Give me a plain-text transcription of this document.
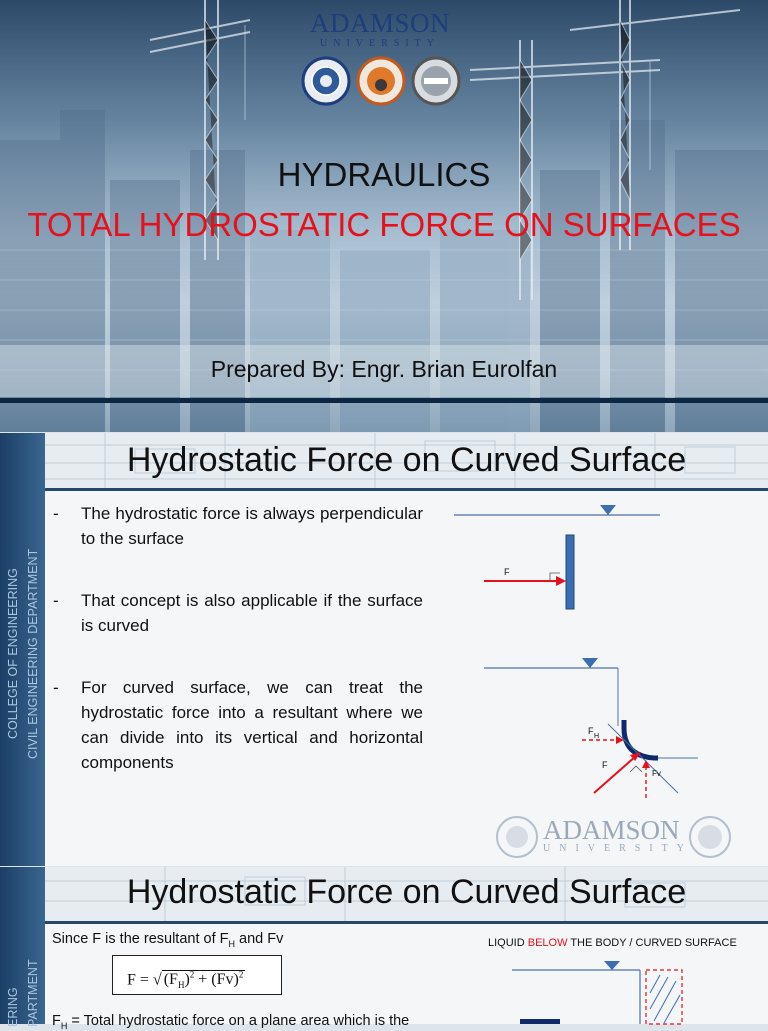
ADAMSON
UNIVERSITY
HYDRAULICS
TOTAL HYDROSTATIC FORCE ON SURFACES
Prepared By: Engr. Brian Eurolfan
COLLEGE OF ENGINEERING CIVIL ENGINEERING DEPARTMENT
Hydrostatic Force on Curved Surface
- The hydrostatic force is always perpendicular to the surface
- That concept is also applicable if the surface is curved
- For curved surface, we can treat the hydrostatic force into a resultant where we can divide into its vertical and horizontal components
F
F
H
F
Fv
ADAMSON
UNIVERSITY
ERING PARTMENT
Hydrostatic Force on Curved Surface
Since F is the resultant of $F_H$ and Fv
F = √ $(F_H)^2 + (Fv)^2$
$F_H$ = Total hydrostatic force on a plane area which is the
LIQUID BELOW THE BODY / CURVED SURFACE
